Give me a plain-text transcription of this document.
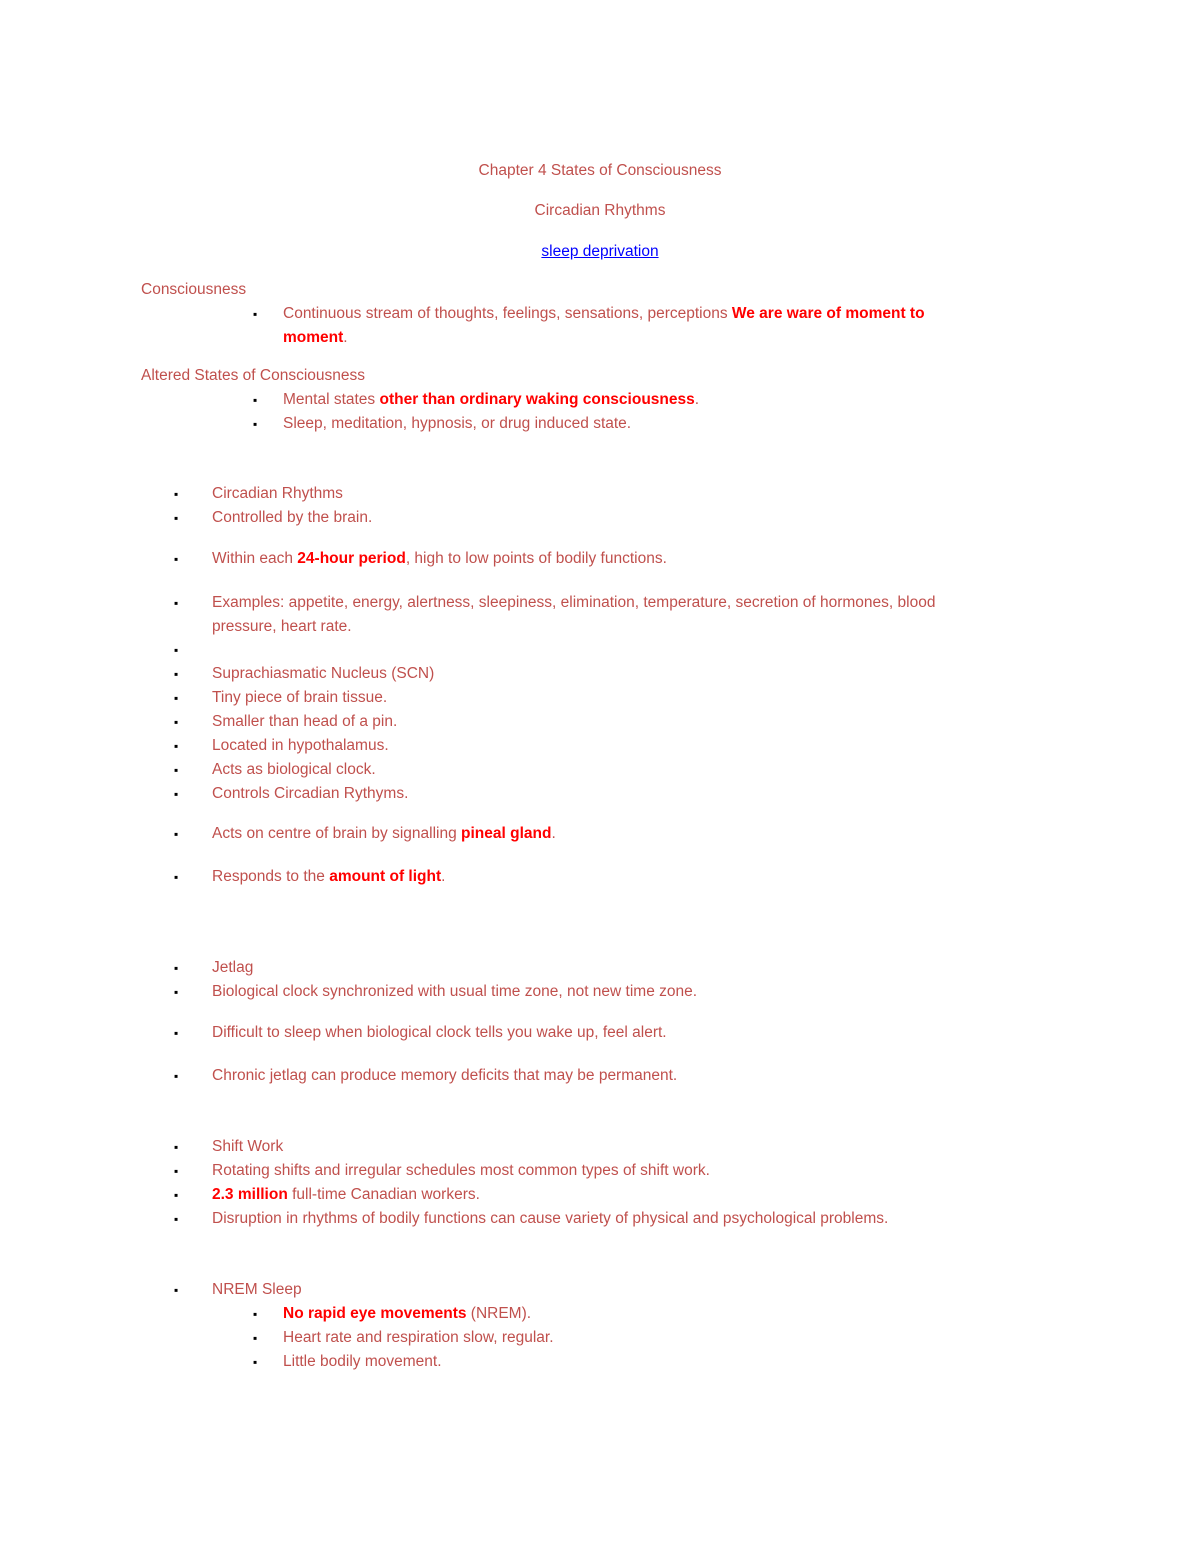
Chapter 4 States of Consciousness
Circadian Rhythms
sleep deprivation
Consciousness
▪ Continuous stream of thoughts, feelings, sensations, perceptions We are ware of moment to
moment.
Altered States of Consciousness
▪ Mental states other than ordinary waking consciousness.
▪ Sleep, meditation, hypnosis, or drug induced state.
▪ Circadian Rhythms
▪ Controlled by the brain.
▪ Within each 24-hour period, high to low points of bodily functions.
▪ Examples: appetite, energy, alertness, sleepiness, elimination, temperature, secretion of hormones, blood
pressure, heart rate.
▪
▪ Suprachiasmatic Nucleus (SCN)
▪ Tiny piece of brain tissue.
▪ Smaller than head of a pin.
▪ Located in hypothalamus.
▪ Acts as biological clock.
▪ Controls Circadian Rythyms.
▪ Acts on centre of brain by signalling pineal gland.
▪ Responds to the amount of light.
▪ Jetlag
▪ Biological clock synchronized with usual time zone, not new time zone.
▪ Difficult to sleep when biological clock tells you wake up, feel alert.
▪ Chronic jetlag can produce memory deficits that may be permanent.
▪ Shift Work
▪ Rotating shifts and irregular schedules most common types of shift work.
▪ 2.3 million full-time Canadian workers.
▪ Disruption in rhythms of bodily functions can cause variety of physical and psychological problems.
▪ NREM Sleep
▪ No rapid eye movements (NREM).
▪ Heart rate and respiration slow, regular.
▪ Little bodily movement.
